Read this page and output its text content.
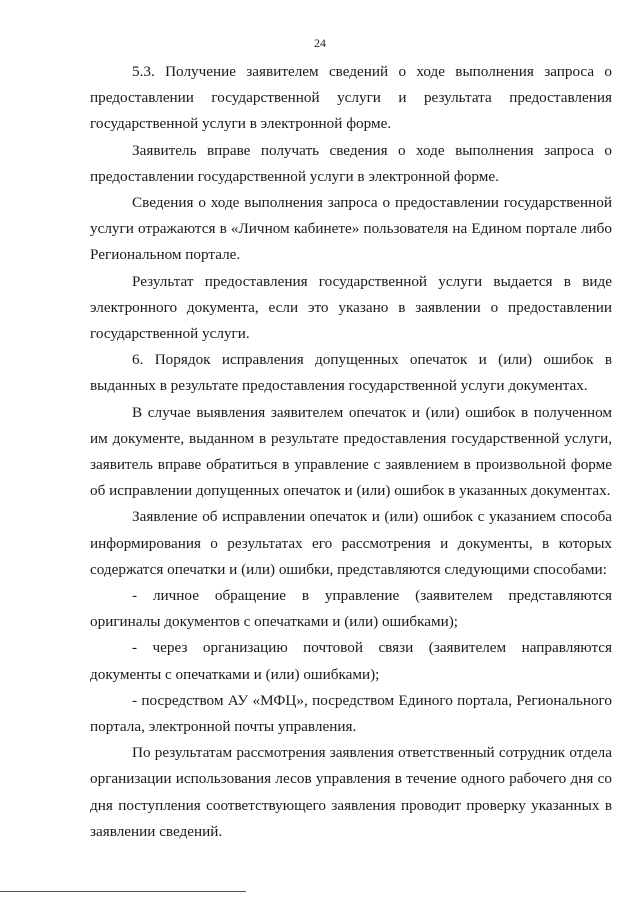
24

5.3. Получение заявителем сведений о ходе выполнения запроса о предоставлении государственной услуги и результата предоставления государственной услуги в электронной форме.

Заявитель вправе получать сведения о ходе выполнения запроса о предоставлении государственной услуги в электронной форме.

Сведения о ходе выполнения запроса о предоставлении государственной услуги отражаются в «Личном кабинете» пользователя на Едином портале либо Региональном портале.

Результат предоставления государственной услуги выдается в виде электронного документа, если это указано в заявлении о предоставлении государственной услуги.

6. Порядок исправления допущенных опечаток и (или) ошибок в выданных в результате предоставления государственной услуги документах.

В случае выявления заявителем опечаток и (или) ошибок в полученном им документе, выданном в результате предоставления государственной услуги, заявитель вправе обратиться в управление с заявлением в произвольной форме об исправлении допущенных опечаток и (или) ошибок в указанных документах.

Заявление об исправлении опечаток и (или) ошибок с указанием способа информирования о результатах его рассмотрения и документы, в которых содержатся опечатки и (или) ошибки, представляются следующими способами:

- личное обращение в управление (заявителем представляются оригиналы документов с опечатками и (или) ошибками);

- через организацию почтовой связи (заявителем направляются документы с опечатками и (или) ошибками);

- посредством АУ «МФЦ», посредством Единого портала, Регионального портала, электронной почты управления.

По результатам рассмотрения заявления ответственный сотрудник отдела организации использования лесов управления в течение одного рабочего дня со дня поступления соответствующего заявления проводит проверку указанных в заявлении сведений.
